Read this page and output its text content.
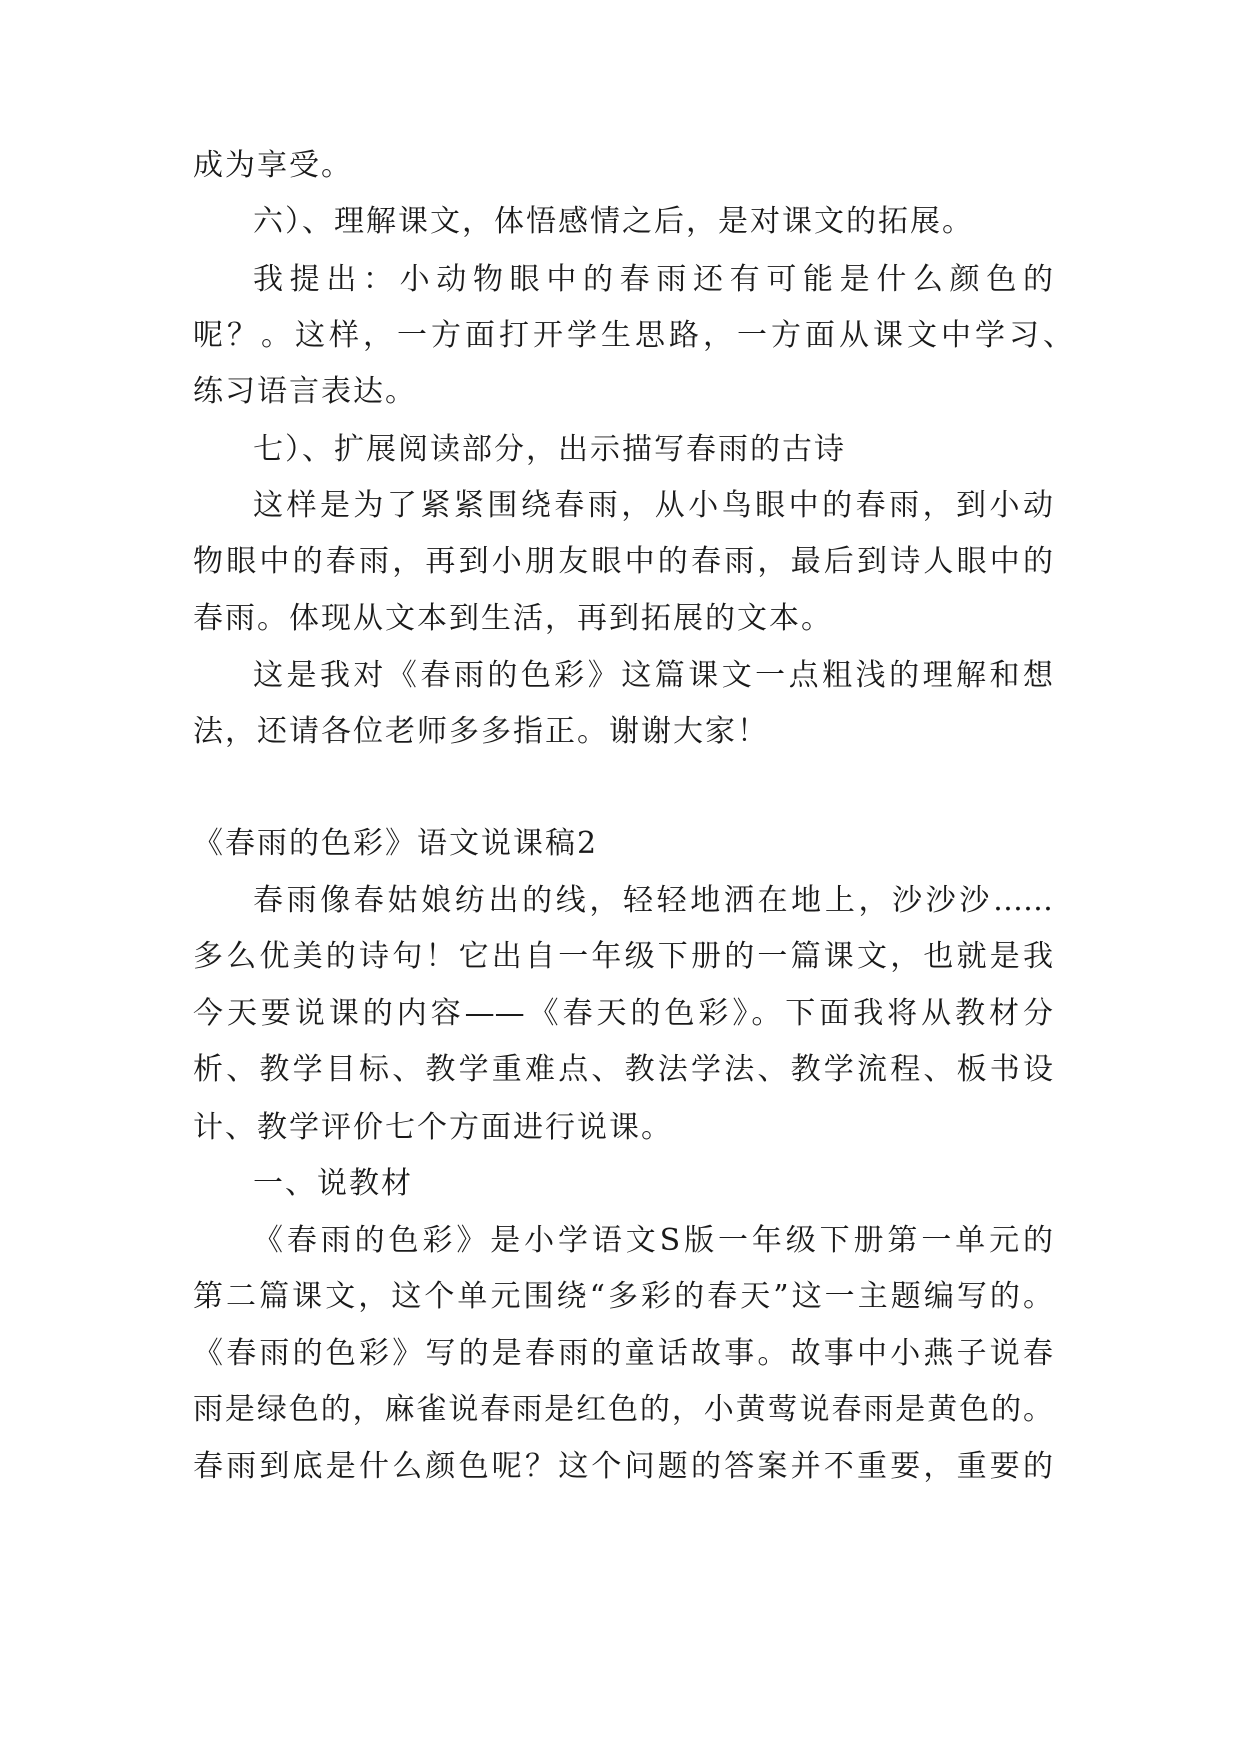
成为享受。

六）、理解课文，体悟感情之后，是对课文的拓展。

我提出：小动物眼中的春雨还有可能是什么颜色的

呢？。这样，一方面打开学生思路，一方面从课文中学习、

练习语言表达。

七）、扩展阅读部分，出示描写春雨的古诗

这样是为了紧紧围绕春雨，从小鸟眼中的春雨，到小动

物眼中的春雨，再到小朋友眼中的春雨，最后到诗人眼中的

春雨。体现从文本到生活，再到拓展的文本。

这是我对《春雨的色彩》这篇课文一点粗浅的理解和想

法，还请各位老师多多指正。谢谢大家！

《春雨的色彩》语文说课稿2

春雨像春姑娘纺出的线，轻轻地洒在地上，沙沙沙……

多么优美的诗句！它出自一年级下册的一篇课文，也就是我

今天要说课的内容——《春天的色彩》。下面我将从教材分

析、教学目标、教学重难点、教法学法、教学流程、板书设

计、教学评价七个方面进行说课。

一、说教材

《春雨的色彩》是小学语文S版一年级下册第一单元的

第二篇课文，这个单元围绕“多彩的春天”这一主题编写的。

《春雨的色彩》写的是春雨的童话故事。故事中小燕子说春

雨是绿色的，麻雀说春雨是红色的，小黄莺说春雨是黄色的。

春雨到底是什么颜色呢？这个问题的答案并不重要，重要的
